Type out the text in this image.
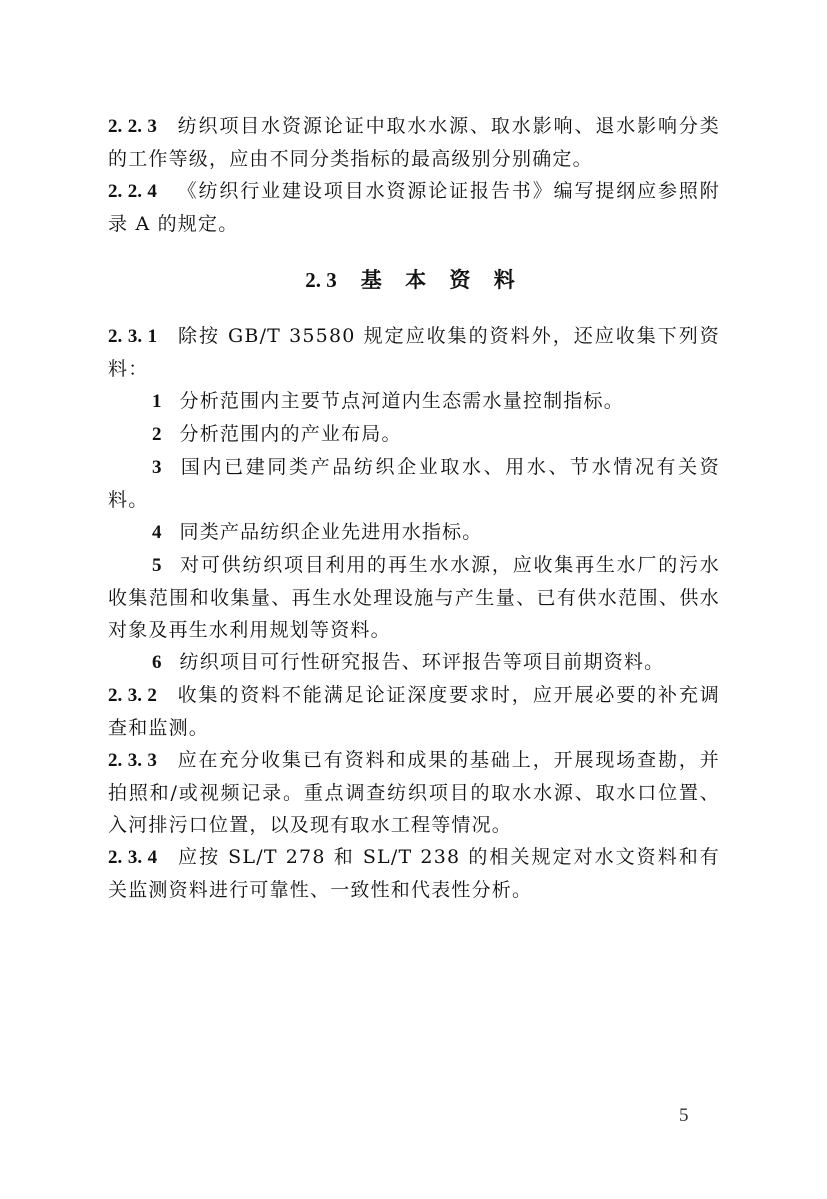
2. 2. 3 纺织项目水资源论证中取水水源、取水影响、退水影响分类的工作等级，应由不同分类指标的最高级别分别确定。

2. 2. 4 《纺织行业建设项目水资源论证报告书》编写提纲应参照附录 A 的规定。

2. 3 基 本 资 料

2. 3. 1 除按 GB/T 35580 规定应收集的资料外，还应收集下列资料：

1 分析范围内主要节点河道内生态需水量控制指标。

2 分析范围内的产业布局。

3 国内已建同类产品纺织企业取水、用水、节水情况有关资料。

4 同类产品纺织企业先进用水指标。

5 对可供纺织项目利用的再生水水源，应收集再生水厂的污水收集范围和收集量、再生水处理设施与产生量、已有供水范围、供水对象及再生水利用规划等资料。

6 纺织项目可行性研究报告、环评报告等项目前期资料。

2. 3. 2 收集的资料不能满足论证深度要求时，应开展必要的补充调查和监测。

2. 3. 3 应在充分收集已有资料和成果的基础上，开展现场查勘，并拍照和/或视频记录。重点调查纺织项目的取水水源、取水口位置、入河排污口位置，以及现有取水工程等情况。

2. 3. 4 应按 SL/T 278 和 SL/T 238 的相关规定对水文资料和有关监测资料进行可靠性、一致性和代表性分析。

5
